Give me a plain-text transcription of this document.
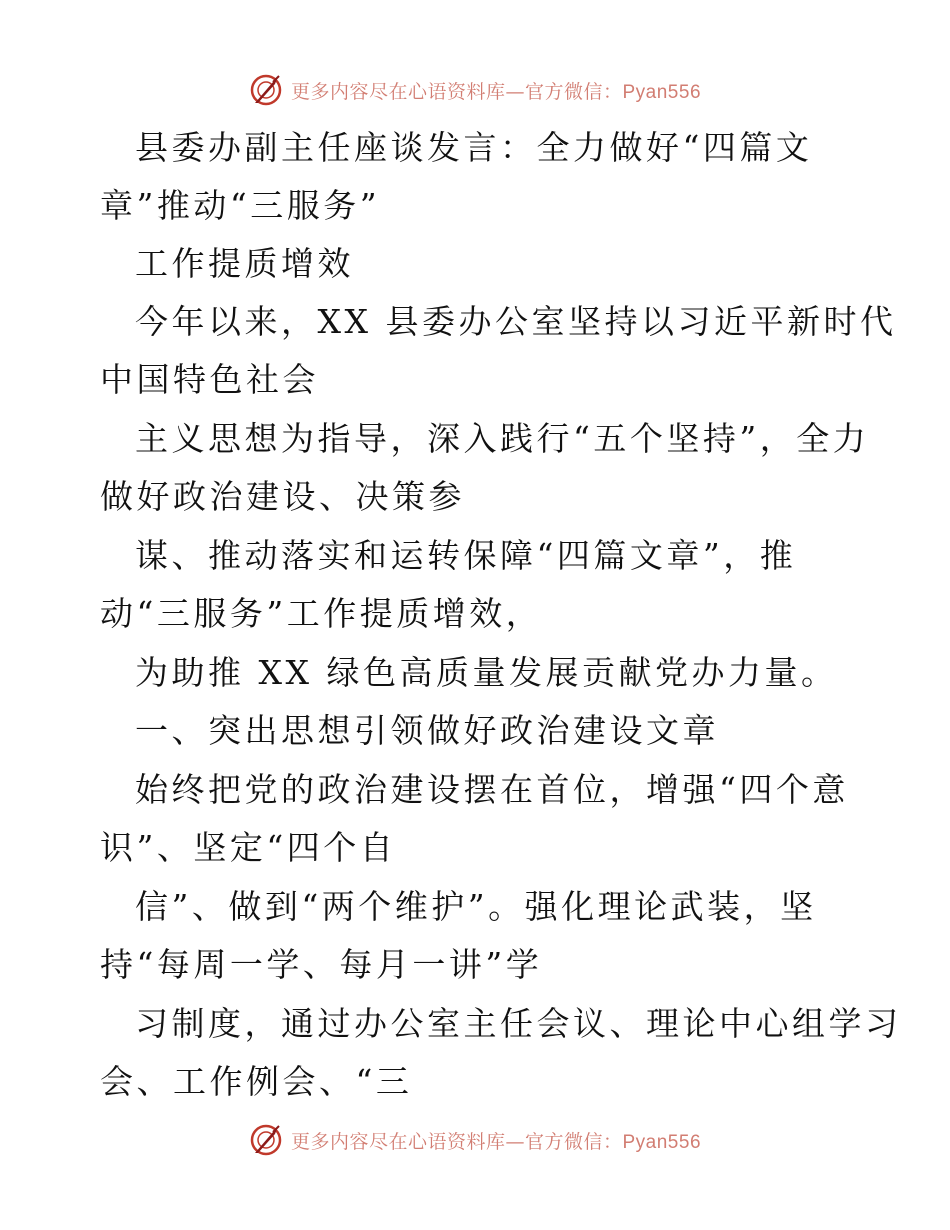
更多内容尽在心语资料库—官方微信：Pyan556
县委办副主任座谈发言：全力做好“四篇文
章”推动“三服务”
工作提质增效
今年以来，XX 县委办公室坚持以习近平新时代
中国特色社会
主义思想为指导，深入践行“五个坚持”，全力
做好政治建设、决策参
谋、推动落实和运转保障“四篇文章”，推
动“三服务”工作提质增效，
为助推 XX 绿色高质量发展贡献党办力量。
一、突出思想引领做好政治建设文章
始终把党的政治建设摆在首位，增强“四个意
识”、坚定“四个自
信”、做到“两个维护”。强化理论武装，坚
持“每周一学、每月一讲”学
习制度，通过办公室主任会议、理论中心组学习
会、工作例会、“三
更多内容尽在心语资料库—官方微信：Pyan556
